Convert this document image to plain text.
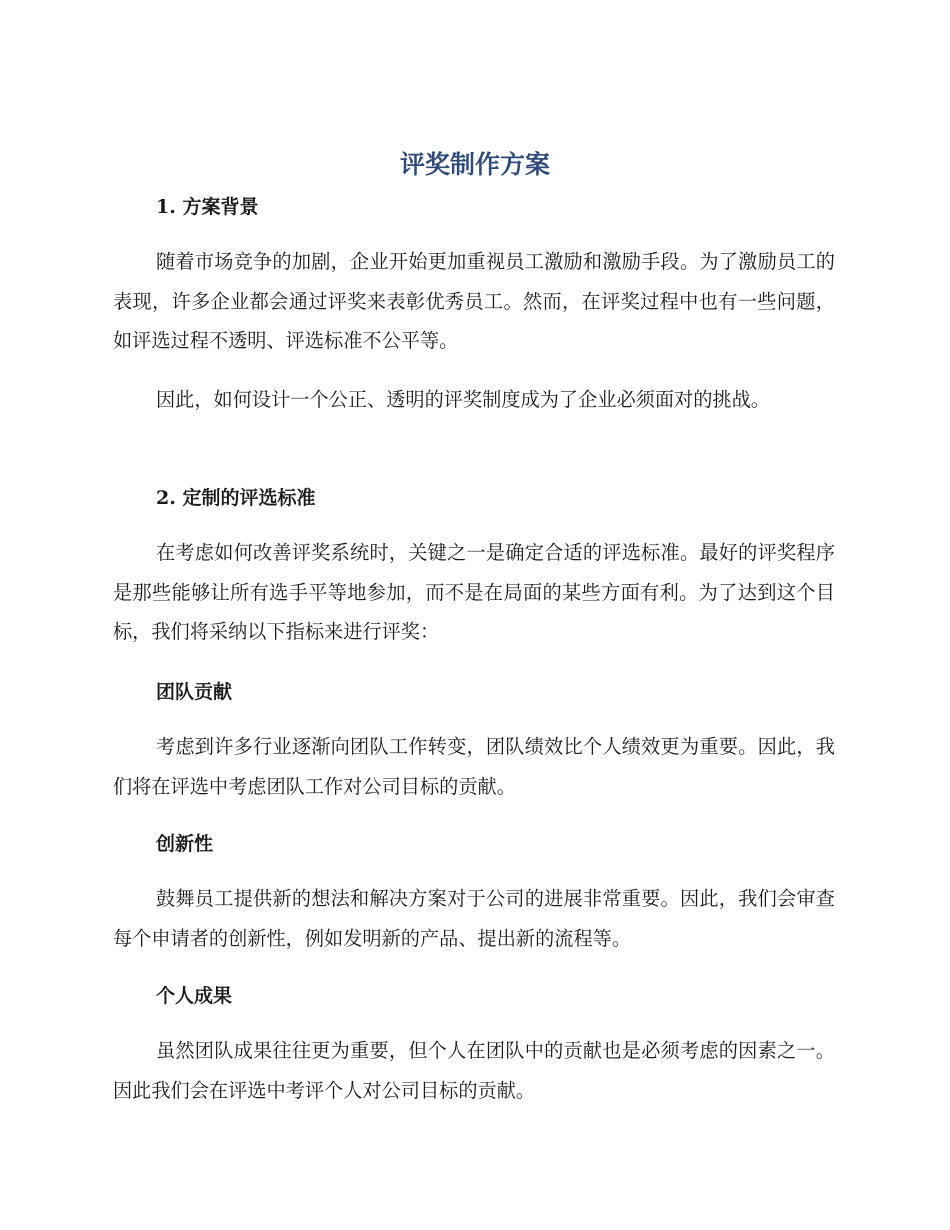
评奖制作方案
1. 方案背景

随着市场竞争的加剧，企业开始更加重视员工激励和激励手段。为了激励员工的表现，许多企业都会通过评奖来表彰优秀员工。然而，在评奖过程中也有一些问题，如评选过程不透明、评选标准不公平等。

因此，如何设计一个公正、透明的评奖制度成为了企业必须面对的挑战。

2. 定制的评选标准

在考虑如何改善评奖系统时，关键之一是确定合适的评选标准。最好的评奖程序是那些能够让所有选手平等地参加，而不是在局面的某些方面有利。为了达到这个目标，我们将采纳以下指标来进行评奖：

团队贡献

考虑到许多行业逐渐向团队工作转变，团队绩效比个人绩效更为重要。因此，我们将在评选中考虑团队工作对公司目标的贡献。

创新性

鼓舞员工提供新的想法和解决方案对于公司的进展非常重要。因此，我们会审查每个申请者的创新性，例如发明新的产品、提出新的流程等。

个人成果

虽然团队成果往往更为重要，但个人在团队中的贡献也是必须考虑的因素之一。因此我们会在评选中考评个人对公司目标的贡献。
